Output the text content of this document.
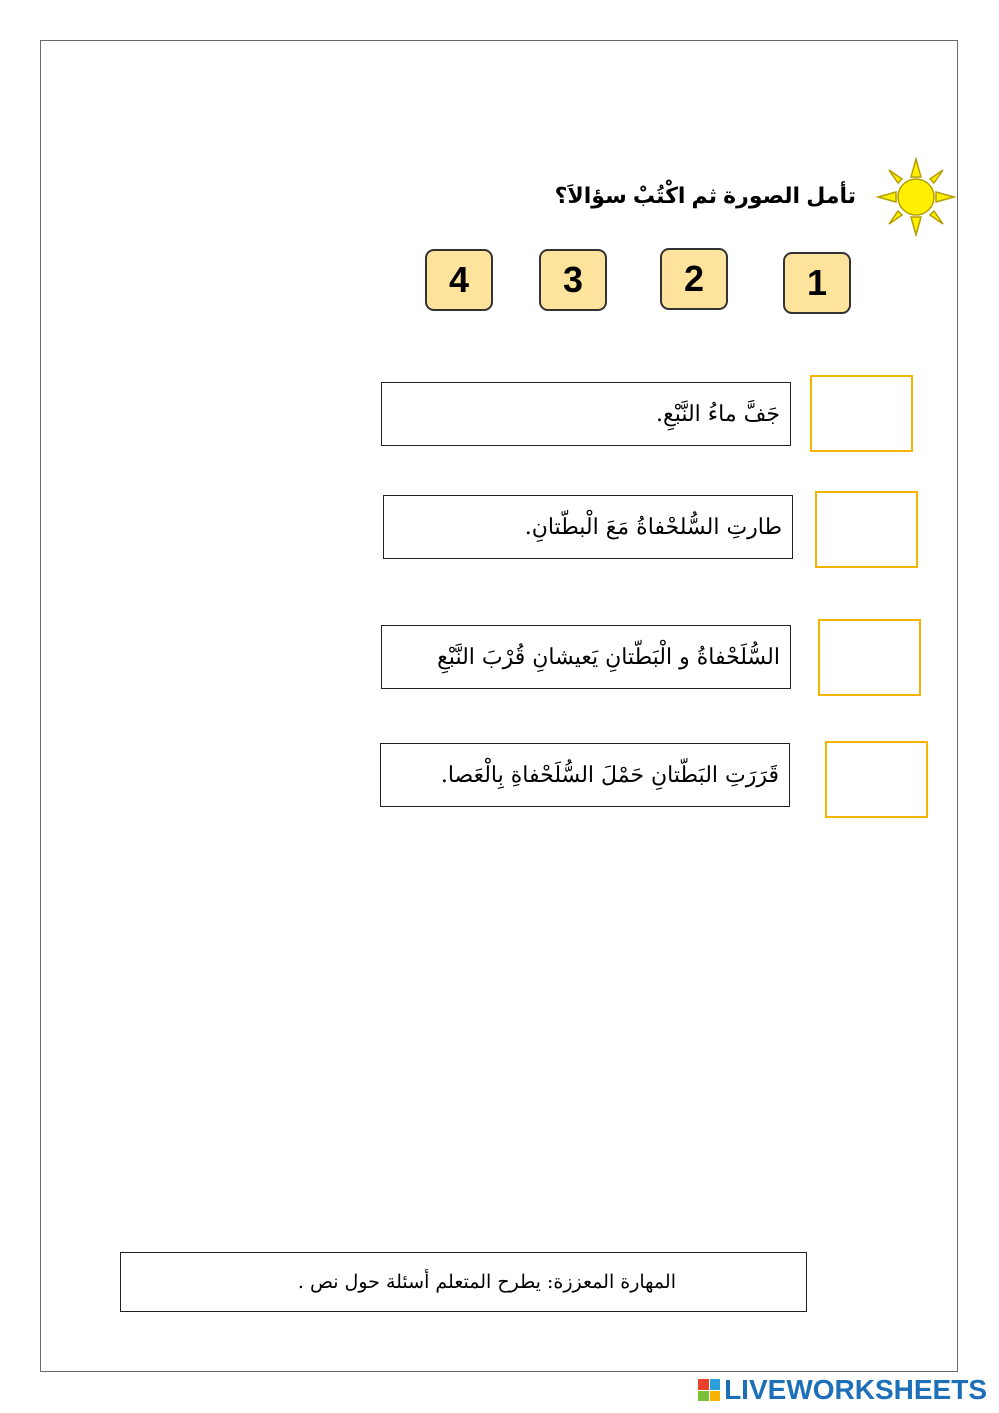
تأمل الصورة ثم اكْتُبْ سؤالاَ؟
1
2
3
4
جَفَّ ماءُ النَّبْعِ.
طارتِ السُّلحْفاةُ مَعَ الْبطّتانِ.
السُّلَحْفاةُ و الْبَطّتانِ يَعيشانِ قُرْبَ النَّبْعِ
قَرَرَتِ البَطّتانِ حَمْلَ السُّلَحْفاةِ بِالْعَصا.
المهارة المعززة: يطرح المتعلم أسئلة حول نص .
LIVEWORKSHEETS
